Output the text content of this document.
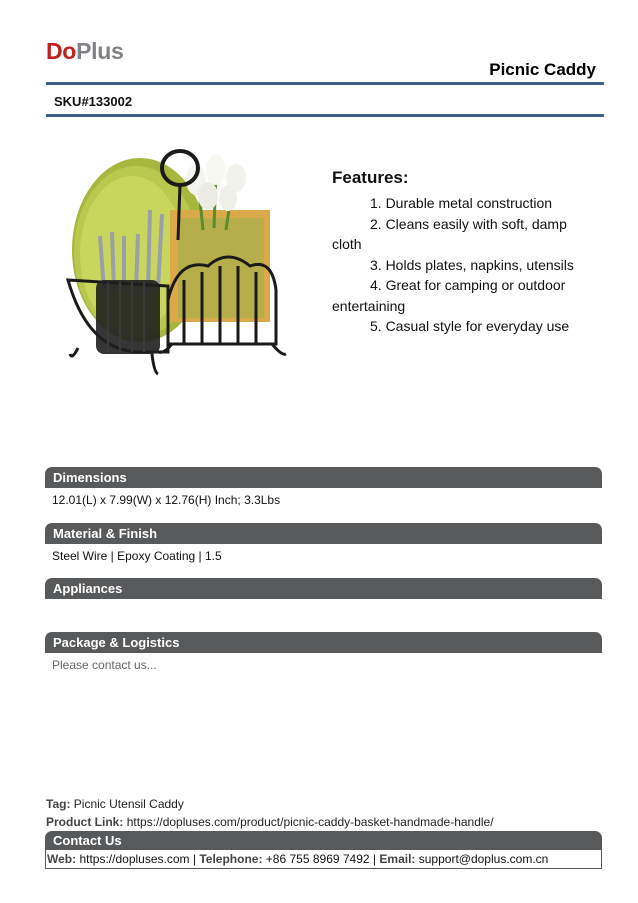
DoPlus
Picnic Caddy
SKU#133002
Features:
1. Durable metal construction
2. Cleans easily with soft, damp cloth
3. Holds plates, napkins, utensils
4. Great for camping or outdoor entertaining
5. Casual style for everyday use
Dimensions
12.01(L) x 7.99(W) x 12.76(H) Inch; 3.3Lbs
Material & Finish
Steel Wire | Epoxy Coating | 1.5
Appliances
Package & Logistics
Please contact us...
Tag: Picnic Utensil Caddy
Product Link: https://dopluses.com/product/picnic-caddy-basket-handmade-handle/
Contact Us
Web: https://dopluses.com | Telephone: +86 755 8969 7492 | Email: support@doplus.com.cn
